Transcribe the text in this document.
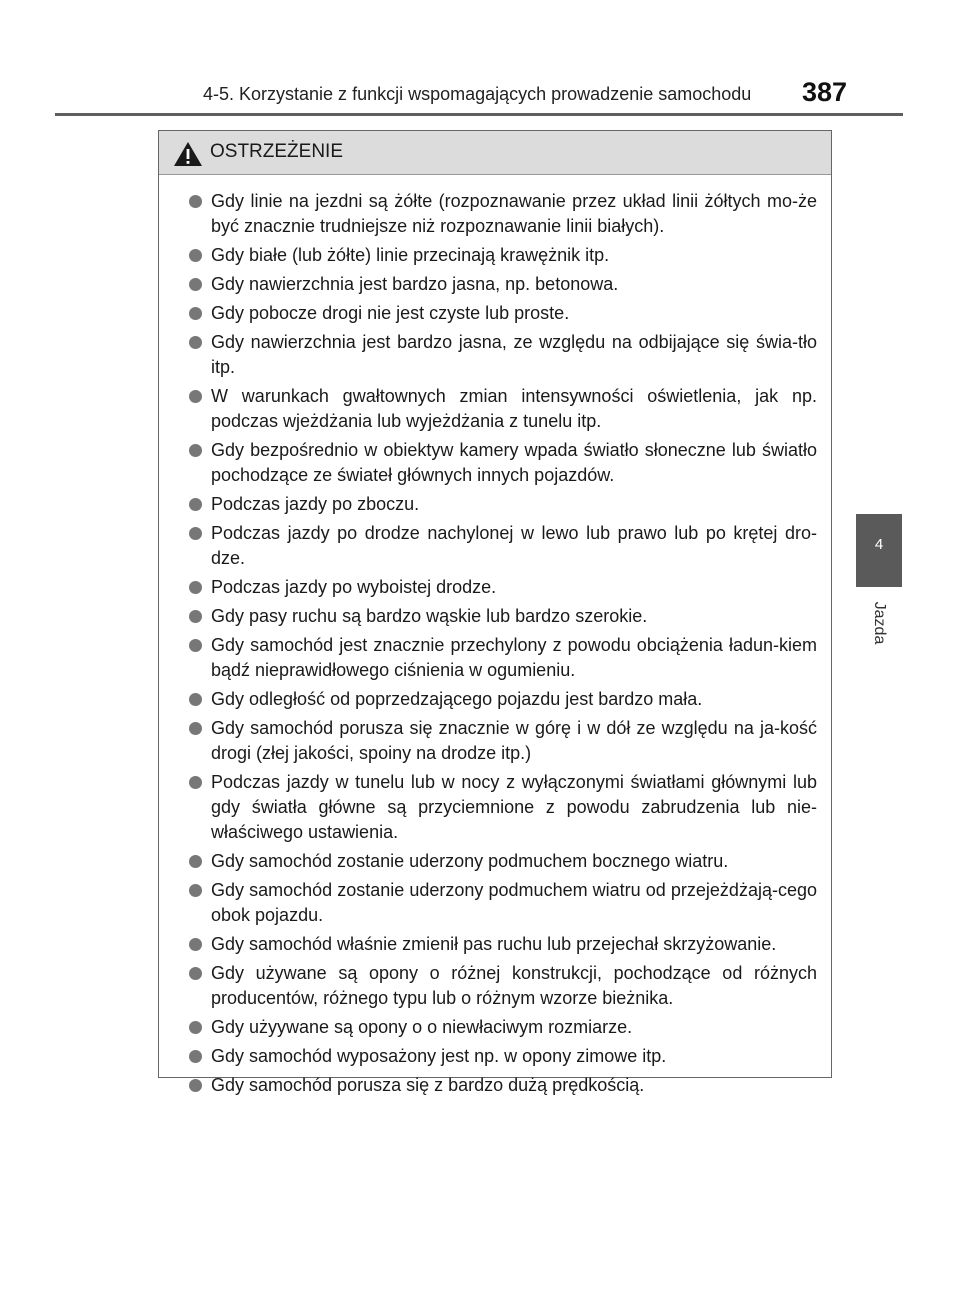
4-5. Korzystanie z funkcji wspomagających prowadzenie samochodu 387
4
Jazda
OSTRZEŻENIE
Gdy linie na jezdni są żółte (rozpoznawanie przez układ linii żółtych mo-że być znacznie trudniejsze niż rozpoznawanie linii białych).
Gdy białe (lub żółte) linie przecinają krawężnik itp.
Gdy nawierzchnia jest bardzo jasna, np. betonowa.
Gdy pobocze drogi nie jest czyste lub proste.
Gdy nawierzchnia jest bardzo jasna, ze względu na odbijające się świa-tło itp.
W warunkach gwałtownych zmian intensywności oświetlenia, jak np. podczas wjeżdżania lub wyjeżdżania z tunelu itp.
Gdy bezpośrednio w obiektyw kamery wpada światło słoneczne lub światło pochodzące ze świateł głównych innych pojazdów.
Podczas jazdy po zboczu.
Podczas jazdy po drodze nachylonej w lewo lub prawo lub po krętej dro-dze.
Podczas jazdy po wyboistej drodze.
Gdy pasy ruchu są bardzo wąskie lub bardzo szerokie.
Gdy samochód jest znacznie przechylony z powodu obciążenia ładun-kiem bądź nieprawidłowego ciśnienia w ogumieniu.
Gdy odległość od poprzedzającego pojazdu jest bardzo mała.
Gdy samochód porusza się znacznie w górę i w dół ze względu na ja-kość drogi (złej jakości, spoiny na drodze itp.)
Podczas jazdy w tunelu lub w nocy z wyłączonymi światłami głównymi lub gdy światła główne są przyciemnione z powodu zabrudzenia lub nie-właściwego ustawienia.
Gdy samochód zostanie uderzony podmuchem bocznego wiatru.
Gdy samochód zostanie uderzony podmuchem wiatru od przejeżdżają-cego obok pojazdu.
Gdy samochód właśnie zmienił pas ruchu lub przejechał skrzyżowanie.
Gdy używane są opony o różnej konstrukcji, pochodzące od różnych producentów, różnego typu lub o różnym wzorze bieżnika.
Gdy użyywane są opony o o niewłaciwym rozmiarze.
Gdy samochód wyposażony jest np. w opony zimowe itp.
Gdy samochód porusza się z bardzo dużą prędkością.
